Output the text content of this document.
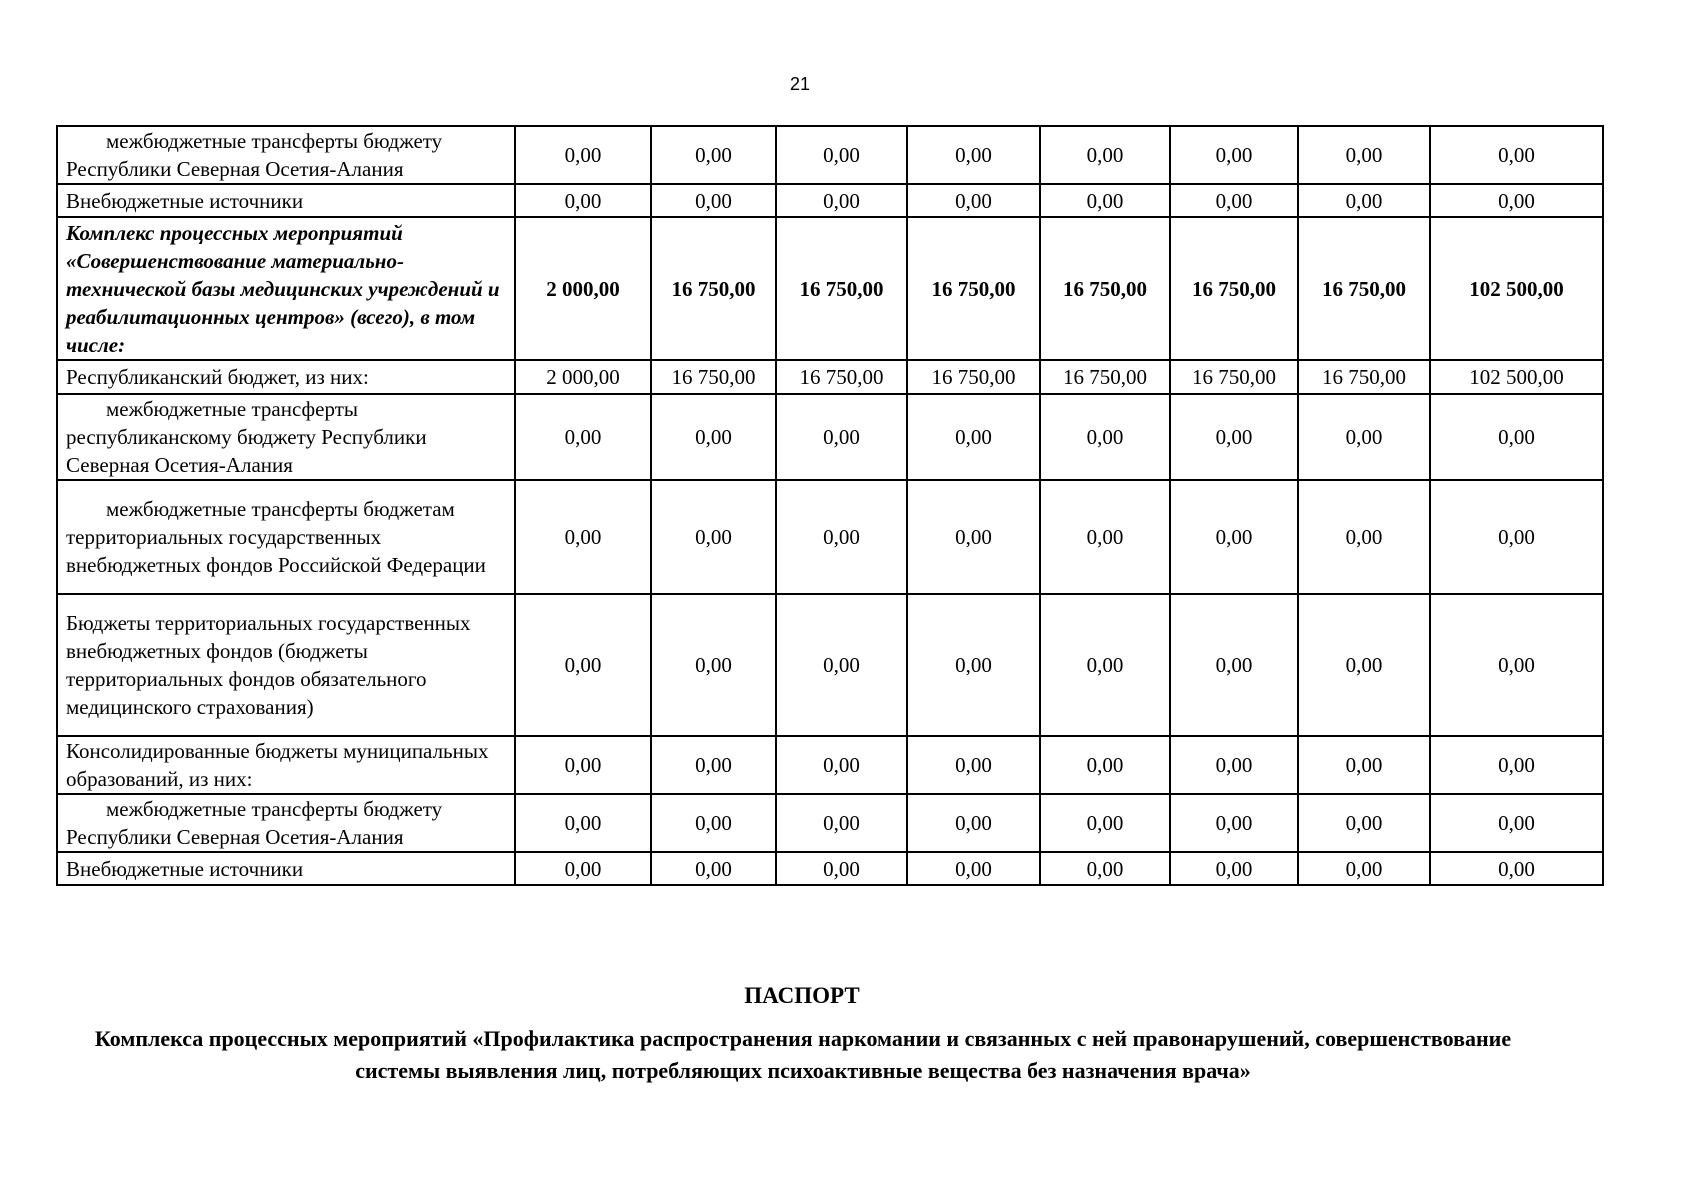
21
межбюджетные трансферты бюджету Республики Северная Осетия-Алания	0,00	0,00	0,00	0,00	0,00	0,00	0,00	0,00
Внебюджетные источники	0,00	0,00	0,00	0,00	0,00	0,00	0,00	0,00
Комплекс процессных мероприятий «Совершенствование материально-технической базы медицинских учреждений и реабилитационных центров» (всего), в том числе:	2 000,00	16 750,00	16 750,00	16 750,00	16 750,00	16 750,00	16 750,00	102 500,00
Республиканский бюджет, из них:	2 000,00	16 750,00	16 750,00	16 750,00	16 750,00	16 750,00	16 750,00	102 500,00
межбюджетные трансферты республиканскому бюджету Республики Северная Осетия-Алания	0,00	0,00	0,00	0,00	0,00	0,00	0,00	0,00
межбюджетные трансферты бюджетам территориальных государственных внебюджетных фондов Российской Федерации	0,00	0,00	0,00	0,00	0,00	0,00	0,00	0,00
Бюджеты территориальных государственных внебюджетных фондов (бюджеты территориальных фондов обязательного медицинского страхования)	0,00	0,00	0,00	0,00	0,00	0,00	0,00	0,00
Консолидированные бюджеты муниципальных образований, из них:	0,00	0,00	0,00	0,00	0,00	0,00	0,00	0,00
межбюджетные трансферты бюджету Республики Северная Осетия-Алания	0,00	0,00	0,00	0,00	0,00	0,00	0,00	0,00
Внебюджетные источники	0,00	0,00	0,00	0,00	0,00	0,00	0,00	0,00
ПАСПОРТ
Комплекса процессных мероприятий «Профилактика распространения наркомании и связанных с ней правонарушений, совершенствование системы выявления лиц, потребляющих психоактивные вещества без назначения врача»
